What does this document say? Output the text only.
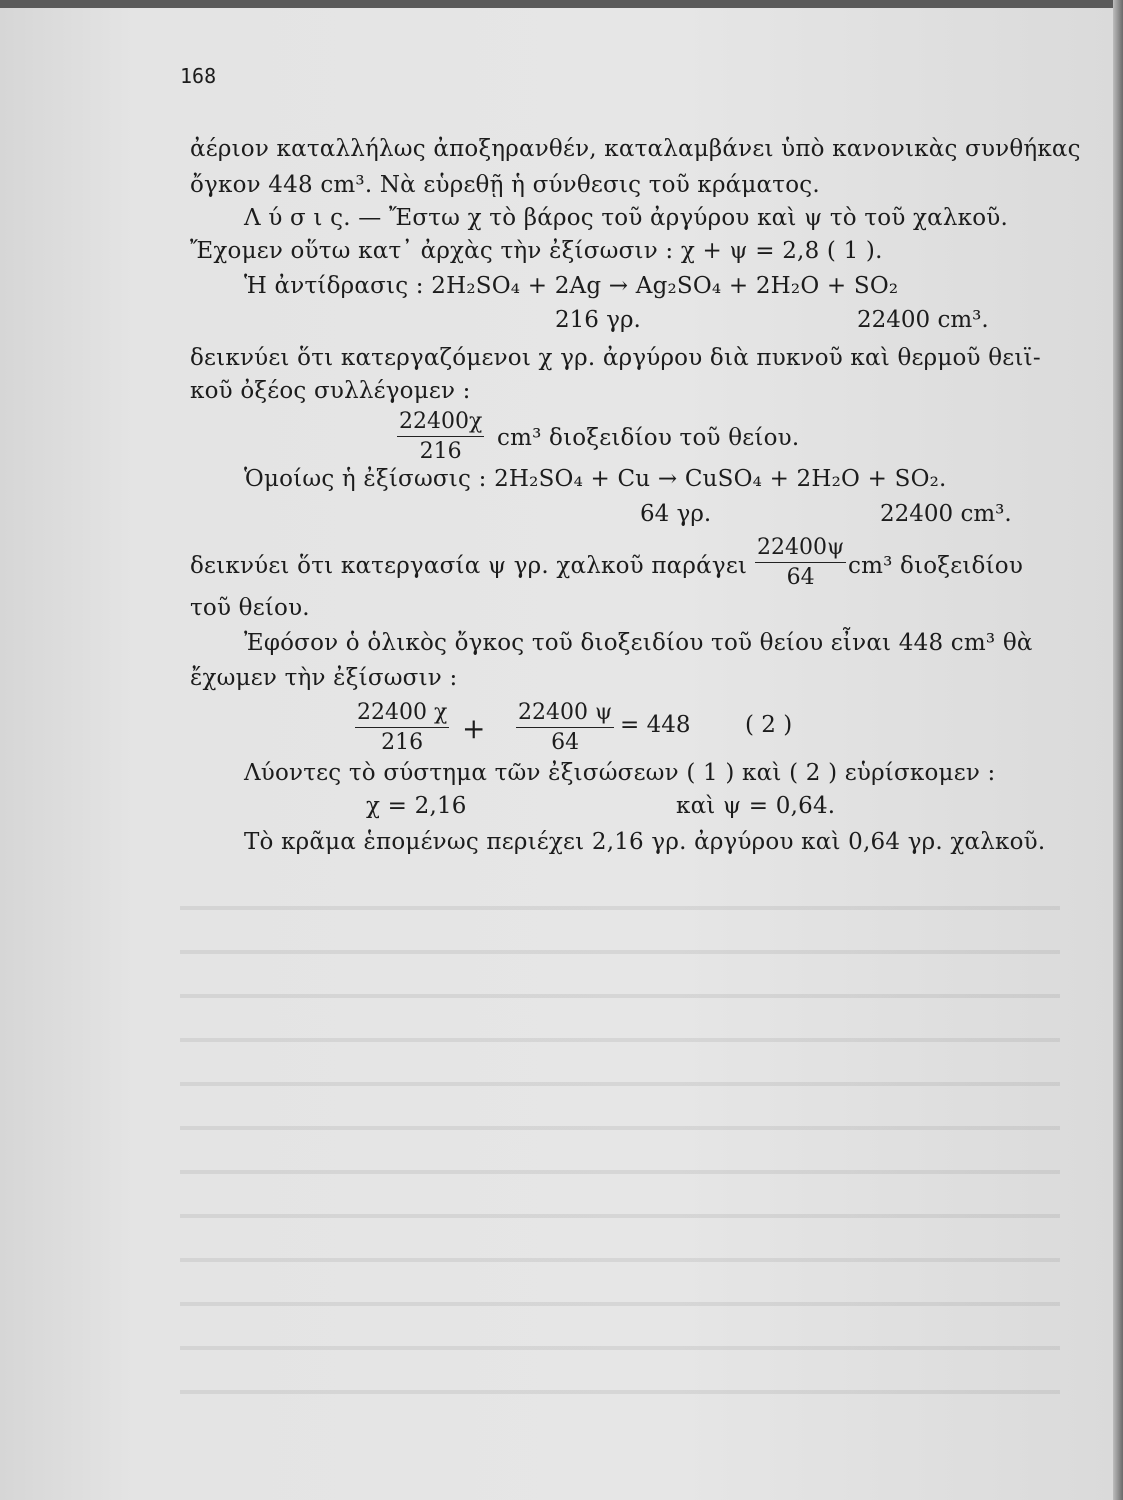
168
ἀέριον καταλλήλως ἀποξηρανθέν, καταλαμβάνει ὑπὸ κανονικὰς συνθήκας
ὄγκον 448 cm³. Νὰ εὑρεθῇ ἡ σύνθεσις τοῦ κράματος.
Λ ύ σ ι ς. — Ἔστω χ τὸ βάρος τοῦ ἀργύρου καὶ ψ τὸ τοῦ χαλκοῦ.
Ἔχομεν οὕτω κατ᾿ ἀρχὰς τὴν ἐξίσωσιν : χ + ψ = 2,8 ( 1 ).
Ἡ ἀντίδρασις : 2H₂SO₄ + 2Ag → Ag₂SO₄ + 2H₂O + SO₂
216 γρ.	22400 cm³.
δεικνύει ὅτι κατεργαζόμενοι χ γρ. ἀργύρου διὰ πυκνοῦ καὶ θερμοῦ θειϊ-
κοῦ ὀξέος συλλέγομεν :
$\frac{22400\chi}{216} cm^3$ διοξειδίου τοῦ θείου.
Ὁμοίως ἡ ἐξίσωσις : 2H₂SO₄ + Cu → CuSO₄ + 2H₂O + SO₂.
64 γρ.	22400 cm³.
δεικνύει ὅτι κατεργασία ψ γρ. χαλκοῦ παράγει $\frac{22400\psi}{64} cm^3$ διοξειδίου
τοῦ θείου.
Ἐφόσον ὁ ὁλικὸς ὄγκος τοῦ διοξειδίου τοῦ θείου εἶναι 448 cm³ θὰ
ἔχωμεν τὴν ἐξίσωσιν :
$\frac{22400 \chi}{216} + \frac{22400 \psi}{64} = 448$ ( 2 )
Λύοντες τὸ σύστημα τῶν ἐξισώσεων ( 1 ) καὶ ( 2 ) εὑρίσκομεν :
χ = 2,16	καὶ ψ = 0,64.
Τὸ κρᾶμα ἑπομένως περιέχει 2,16 γρ. ἀργύρου καὶ 0,64 γρ. χαλκοῦ.
